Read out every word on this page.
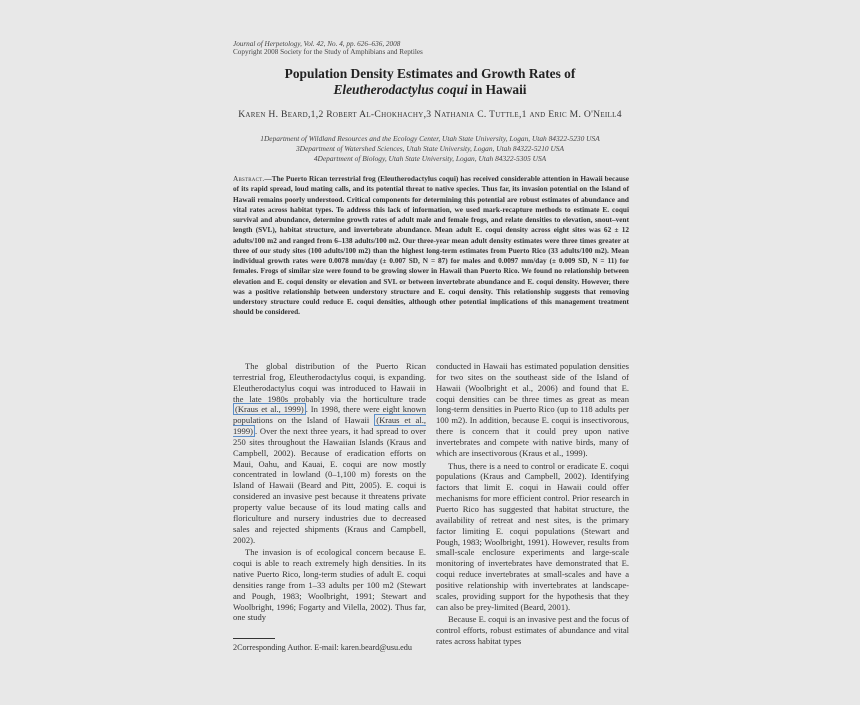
Journal of Herpetology, Vol. 42, No. 4, pp. 626–636, 2008
Copyright 2008 Society for the Study of Amphibians and Reptiles
Population Density Estimates and Growth Rates of
Eleutherodactylus coqui in Hawaii
Karen H. Beard,1,2 Robert Al-Chokhachy,3 Nathania C. Tuttle,1 and Eric M. O'Neill4
1Department of Wildland Resources and the Ecology Center, Utah State University, Logan, Utah 84322-5230 USA
3Department of Watershed Sciences, Utah State University, Logan, Utah 84322-5210 USA
4Department of Biology, Utah State University, Logan, Utah 84322-5305 USA
Abstract.—The Puerto Rican terrestrial frog (Eleutherodactylus coqui) has received considerable attention in Hawaii because of its rapid spread, loud mating calls, and its potential threat to native species. Thus far, its invasion potential on the Island of Hawaii remains poorly understood. Critical components for determining this potential are robust estimates of abundance and vital rates across habitat types. To address this lack of information, we used mark-recapture methods to estimate E. coqui survival and abundance, determine growth rates of adult male and female frogs, and relate densities to elevation, snout–vent length (SVL), habitat structure, and invertebrate abundance. Mean adult E. coqui density across eight sites was 62 ± 12 adults/100 m2 and ranged from 6–138 adults/100 m2. Our three-year mean adult density estimates were three times greater at three of our study sites (100 adults/100 m2) than the highest long-term estimates from Puerto Rico (33 adults/100 m2). Mean individual growth rates were 0.0078 mm/day (± 0.007 SD, N = 87) for males and 0.0097 mm/day (± 0.009 SD, N = 11) for females. Frogs of similar size were found to be growing slower in Hawaii than Puerto Rico. We found no relationship between elevation and E. coqui density or elevation and SVL or between invertebrate abundance and E. coqui density. However, there was a positive relationship between understory structure and E. coqui density. This relationship suggests that removing understory structure could reduce E. coqui densities, although other potential implications of this management treatment should be considered.

The global distribution of the Puerto Rican terrestrial frog, Eleutherodactylus coqui, is expanding. Eleutherodactylus coqui was introduced to Hawaii in the late 1980s probably via the horticulture trade (Kraus et al., 1999) . In 1998, there were eight known populations on the Island of Hawaii (Kraus et al., 1999) . Over the next three years, it had spread to over 250 sites throughout the Hawaiian Islands (Kraus and Campbell, 2002). Because of eradication efforts on Maui, Oahu, and Kauai, E. coqui are now mostly concentrated in lowland (0–1,100 m) forests on the Island of Hawaii (Beard and Pitt, 2005). E. coqui is considered an invasive pest because it threatens private property value because of its loud mating calls and floriculture and nursery industries due to decreased sales and rejected shipments (Kraus and Campbell, 2002).

The invasion is of ecological concern because E. coqui is able to reach extremely high densities. In its native Puerto Rico, long-term studies of adult E. coqui densities range from 1–33 adults per 100 m2 (Stewart and Pough, 1983; Woolbright, 1991; Stewart and Woolbright, 1996; Fogarty and Vilella, 2002). Thus far, one study

conducted in Hawaii has estimated population densities for two sites on the southeast side of the Island of Hawaii (Woolbright et al., 2006) and found that E. coqui densities can be three times as great as mean long-term densities in Puerto Rico (up to 118 adults per 100 m2). In addition, because E. coqui is insectivorous, there is concern that it could prey upon native invertebrates and compete with native birds, many of which are insectivorous (Kraus et al., 1999).

Thus, there is a need to control or eradicate E. coqui populations (Kraus and Campbell, 2002). Identifying factors that limit E. coqui in Hawaii could offer mechanisms for more efficient control. Prior research in Puerto Rico has suggested that habitat structure, the availability of retreat and nest sites, is the primary factor limiting E. coqui populations (Stewart and Pough, 1983; Woolbright, 1991). However, results from small-scale enclosure experiments and large-scale monitoring of invertebrates have demonstrated that E. coqui reduce invertebrates at small-scales and have a positive relationship with invertebrates at landscape-scales, providing support for the hypothesis that they can also be prey-limited (Beard, 2001).

Because E. coqui is an invasive pest and the focus of control efforts, robust estimates of abundance and vital rates across habitat types

2Corresponding Author. E-mail: karen.beard@usu.edu
